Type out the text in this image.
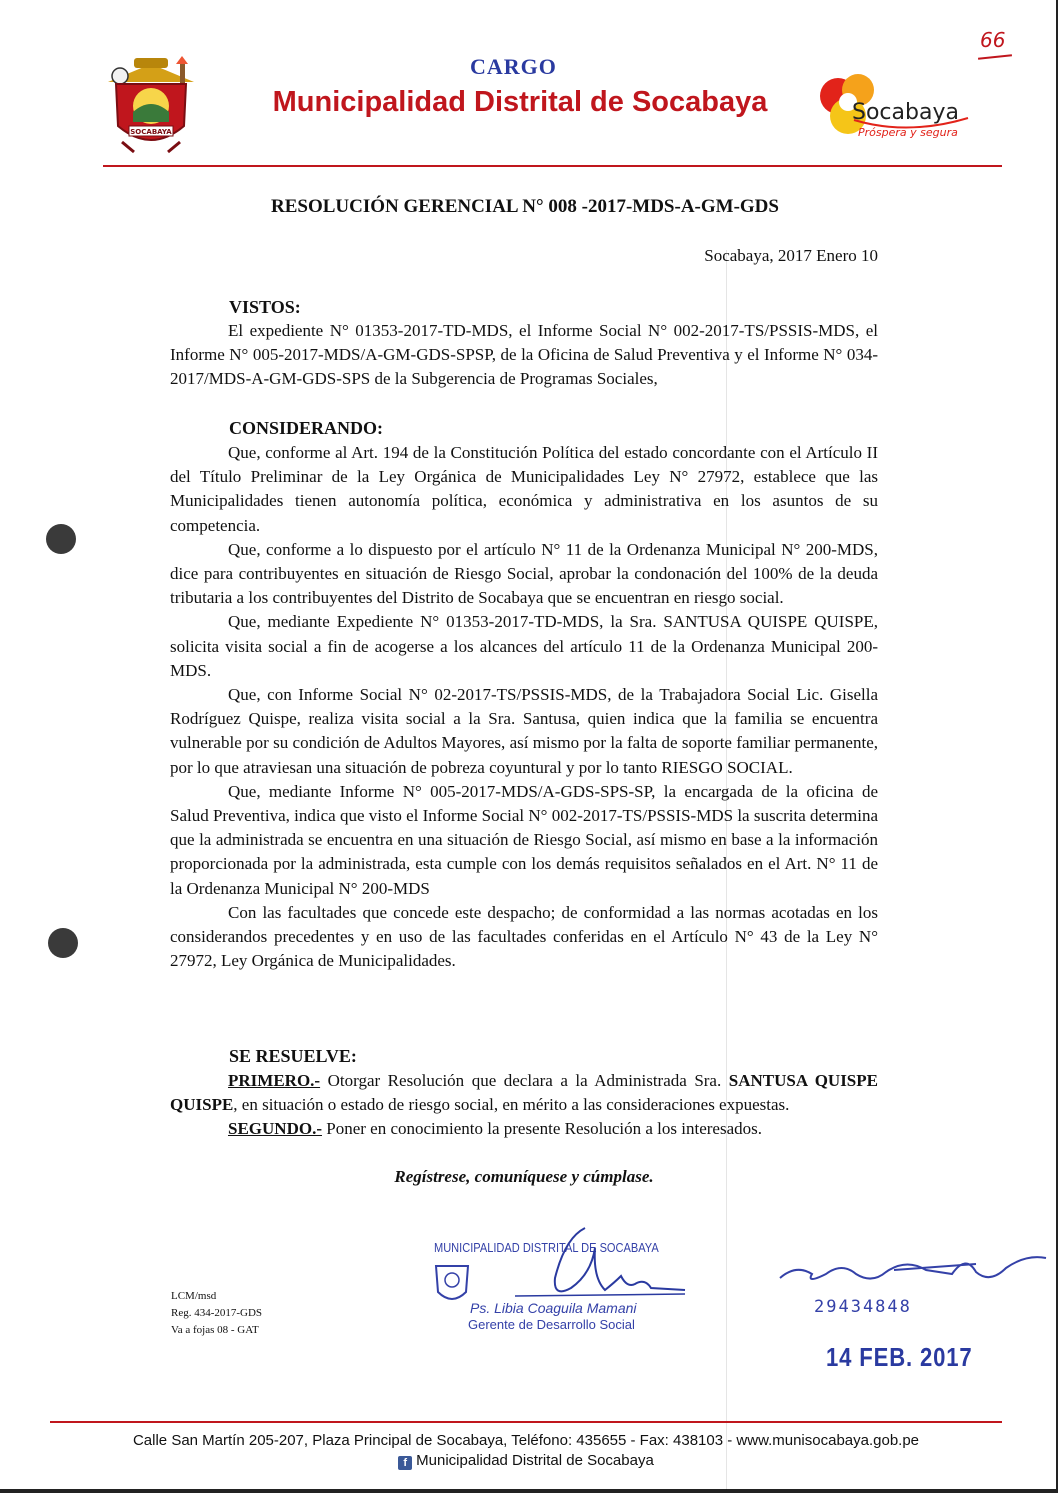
SOCABAYA
CARGO
66
Municipalidad Distrital de Socabaya	Socabaya
Próspera y segura
RESOLUCIÓN GERENCIAL N° 008 -2017-MDS-A-GM-GDS
Socabaya, 2017 Enero 10
VISTOS:

El expediente N° 01353-2017-TD-MDS, el Informe Social N° 002-2017-TS/PSSIS-MDS, el Informe N° 005-2017-MDS/A-GM-GDS-SPSP, de la Oficina de Salud Preventiva y el Informe N° 034-2017/MDS-A-GM-GDS-SPS de la Subgerencia de Programas Sociales,

CONSIDERANDO:

Que, conforme al Art. 194 de la Constitución Política del estado concordante con el Artículo II del Título Preliminar de la Ley Orgánica de Municipalidades Ley N° 27972, establece que las Municipalidades tienen autonomía política, económica y administrativa en los asuntos de su competencia.

Que, conforme a lo dispuesto por el artículo N° 11 de la Ordenanza Municipal N° 200-MDS, dice para contribuyentes en situación de Riesgo Social, aprobar la condonación del 100% de la deuda tributaria a los contribuyentes del Distrito de Socabaya que se encuentran en riesgo social.

Que, mediante Expediente N° 01353-2017-TD-MDS, la Sra. SANTUSA QUISPE QUISPE, solicita visita social a fin de acogerse a los alcances del artículo 11 de la Ordenanza Municipal 200-MDS.

Que, con Informe Social N° 02-2017-TS/PSSIS-MDS, de la Trabajadora Social Lic. Gisella Rodríguez Quispe, realiza visita social a la Sra. Santusa, quien indica que la familia se encuentra vulnerable por su condición de Adultos Mayores, así mismo por la falta de soporte familiar permanente, por lo que atraviesan una situación de pobreza coyuntural y por lo tanto RIESGO SOCIAL.

Que, mediante Informe N° 005-2017-MDS/A-GDS-SPS-SP, la encargada de la oficina de Salud Preventiva, indica que visto el Informe Social N° 002-2017-TS/PSSIS-MDS la suscrita determina que la administrada se encuentra en una situación de Riesgo Social, así mismo en base a la información proporcionada por la administrada, esta cumple con los demás requisitos señalados en el Art. N° 11 de la Ordenanza Municipal N° 200-MDS

Con las facultades que concede este despacho; de conformidad a las normas acotadas en los considerandos precedentes y en uso de las facultades conferidas en el Artículo N° 43 de la Ley N° 27972, Ley Orgánica de Municipalidades.

SE RESUELVE:

PRIMERO.- Otorgar Resolución que declara a la Administrada Sra. SANTUSA QUISPE QUISPE, en situación o estado de riesgo social, en mérito a las consideraciones expuestas.

SEGUNDO.- Poner en conocimiento la presente Resolución a los interesados.

Regístrese, comuníquese y cúmplase.
LCM/msd
Reg. 434-2017-GDS
Va a fojas 08 - GAT
MUNICIPALIDAD DISTRITAL DE SOCABAYA
Ps. Libia Coaguila Mamani
Gerente de Desarrollo Social
29434848
14 FEB. 2017
Calle San Martín 205-207, Plaza Principal de Socabaya, Teléfono: 435655 - Fax: 438103 - www.munisocabaya.gob.pe
f Municipalidad Distrital de Socabaya
